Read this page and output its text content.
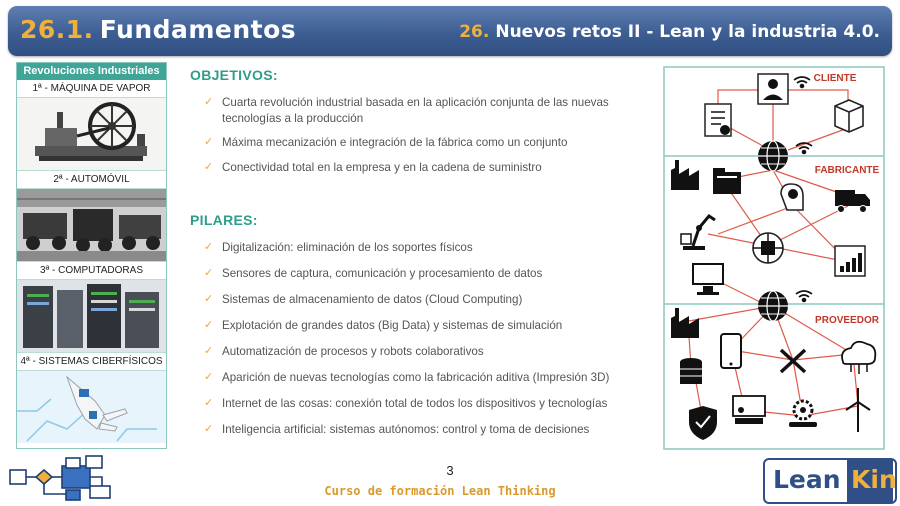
26.1. Fundamentos	26. Nuevos retos II - Lean y la industria 4.0.
Revoluciones Industriales
1ª - MÁQUINA DE VAPOR
2ª - AUTOMÓVIL
3ª - COMPUTADORAS
4ª - SISTEMAS CIBERFÍSICOS
OBJETIVOS:
✓ Cuarta revolución industrial basada en la aplicación conjunta de las nuevas tecnologías a la producción
✓ Máxima mecanización e integración de la fábrica como un conjunto
✓ Conectividad total en la empresa y en la cadena de suministro
PILARES:
✓ Digitalización: eliminación de los soportes físicos
✓ Sensores de captura, comunicación y procesamiento de datos
✓ Sistemas de almacenamiento de datos (Cloud Computing)
✓ Explotación de grandes datos (Big Data) y sistemas de simulación
✓ Automatización de procesos y robots colaborativos
✓ Aparición de nuevas tecnologías como la fabricación aditiva (Impresión 3D)
✓ Internet de las cosas: conexión total de todos los dispositivos y tecnologías
✓ Inteligencia artificial: sistemas autónomos: control y toma de decisiones
CLIENTE
FABRICANTE
PROVEEDOR
3
Curso de formación Lean Thinking	Lean Kin
